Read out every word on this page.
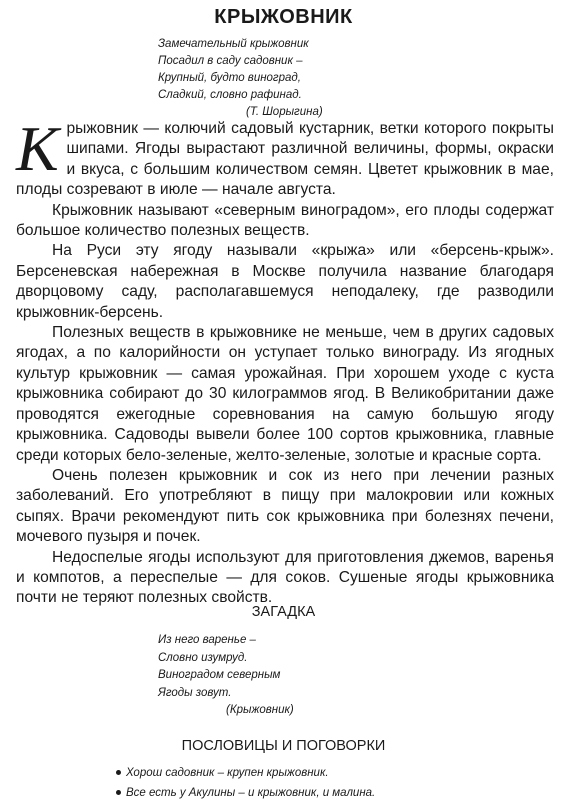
КРЫЖОВНИК
Замечательный крыжовник
Посадил в саду садовник –
Крупный, будто виноград,
Сладкий, словно рафинад.
(Т. Шорыгина)

Крыжовник — колючий садовый кустарник, ветки которого покрыты шипами. Ягоды вырастают различной величины, формы, окраски и вкуса, с большим количеством семян. Цветет крыжовник в мае, плоды созревают в июле — начале августа.

Крыжовник называют «северным виноградом», его плоды содержат большое количество полезных веществ.

На Руси эту ягоду называли «крыжа» или «берсень-крыж». Берсеневская набережная в Москве получила название благодаря дворцовому саду, располагавшемуся неподалеку, где разводили крыжовник-берсень.

Полезных веществ в крыжовнике не меньше, чем в других садовых ягодах, а по калорийности он уступает только винограду. Из ягодных культур крыжовник — самая урожайная. При хорошем уходе с куста крыжовника собирают до 30 килограммов ягод. В Великобритании даже проводятся ежегодные соревнования на самую большую ягоду крыжовника. Садоводы вывели более 100 сортов крыжовника, главные среди которых бело-зеленые, желто-зеленые, золотые и красные сорта.

Очень полезен крыжовник и сок из него при лечении разных заболеваний. Его употребляют в пищу при малокровии или кожных сыпях. Врачи рекомендуют пить сок крыжовника при болезнях печени, мочевого пузыря и почек.

Недоспелые ягоды используют для приготовления джемов, варенья и компотов, а переспелые — для соков. Сушеные ягоды крыжовника почти не теряют полезных свойств.

ЗАГАДКА
Из него варенье –
Словно изумруд.
Виноградом северным
Ягоды зовут.
(Крыжовник)
ПОСЛОВИЦЫ И ПОГОВОРКИ
Хорош садовник – крупен крыжовник.
Все есть у Акулины – и крыжовник, и малина.
